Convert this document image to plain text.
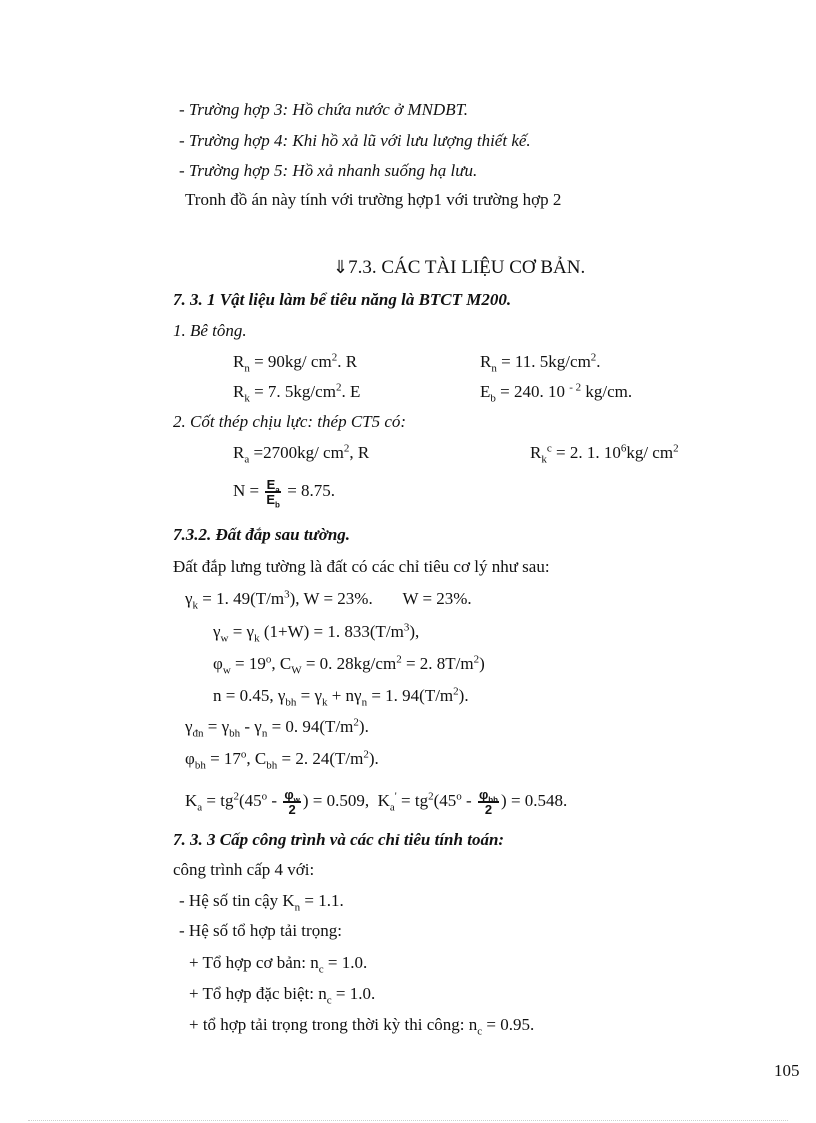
- Trường hợp 3: Hồ chứa nước ở MNDBT.
- Trường hợp 4: Khi hồ xả lũ với lưu lượng thiết kế.
- Trường hợp 5: Hồ xả nhanh suống hạ lưu.
Tronh đồ án này tính với trường hợp1 với trường hợp 2
⇓7.3. CÁC TÀI LIỆU CƠ BẢN.
7. 3. 1 Vật liệu làm bể tiêu năng là BTCT M200.
1. Bê tông.
$R_n = 90kg/$ $cm^2$. R	$R_n = 11$. $5kg/cm^2$.
$R_k = 7$. $5kg/cm^2$. E	$E_b = 240$. 10 $^{- 2}$ kg/cm.
2. Cốt thép chịu lực: thép CT5 có:
$R_a =2700kg/$ $cm^2$, R	$R_k^c = 2$. 1. $10^6kg/$ $cm^2$
$N = \frac{E_a}{E_b} = 8.75$.
7.3.2. Đất đắp sau tường.
Đất đắp lưng tường là đất có các chỉ tiêu cơ lý như sau:
$\gamma_k = 1$. $49(T/m^3)$, W = 23%.       W = 23%.
$\gamma_w = \gamma_k$ (1+W) = 1. $833(T/m^3)$,
$\varphi_w = 19^o$, $C_W = 0$. $28kg/cm^2 = 2$. $8T/m^2$)
n = 0.45, $\gamma_{bh} = \gamma_k + n\gamma_n = 1$. $94(T/m^2)$.
$\gamma_{đn} = \gamma_{bh} - \gamma_n = 0$. $94(T/m^2)$.
$\varphi_{bh} = 17^o$, $C_{bh} = 2$. $24(T/m^2)$.
$K_a = tg^2(45^o - \frac{\varphi_w}{2}$ ) = 0.509,  $K_a' = tg^2(45^o - \frac{\varphi_{bh}}{2}$ ) = 0.548.
7. 3. 3 Cấp công trình và các chỉ tiêu tính toán:
công trình cấp 4 với:
- Hệ số tin cậy $K_n = 1.1$.
- Hệ số tổ hợp tải trọng:
+ Tổ hợp cơ bản: $n_c = 1.0$.
+ Tổ hợp đặc biệt: $n_c = 1.0$.
+ tổ hợp tải trọng trong thời kỳ thi công: $n_c = 0.95$.
105
